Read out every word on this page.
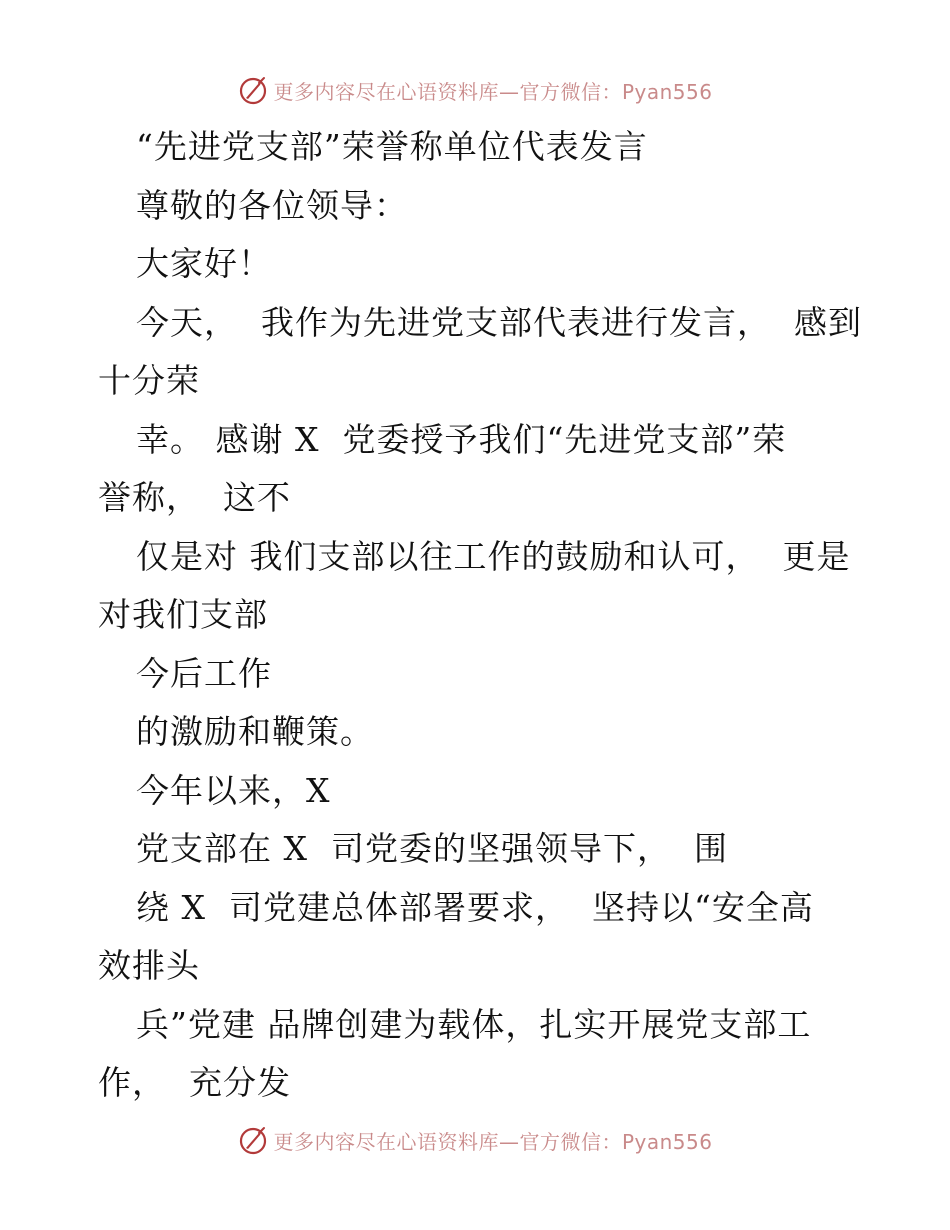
更多内容尽在心语资料库—官方微信：Pyan556
“先进党支部”荣誉称单位代表发言
尊敬的各位领导：
大家好！
今天，  我作为先进党支部代表进行发言，  感到
十分荣
幸。 感谢 X  党委授予我们“先进党支部”荣
誉称，  这不
仅是对 我们支部以往工作的鼓励和认可，  更是
对我们支部
今后工作
的激励和鞭策。
今年以来，X
党支部在 X  司党委的坚强领导下，  围
绕 X  司党建总体部署要求，  坚持以“安全高
效排头
兵”党建 品牌创建为载体，扎实开展党支部工
作，  充分发
更多内容尽在心语资料库—官方微信：Pyan556
